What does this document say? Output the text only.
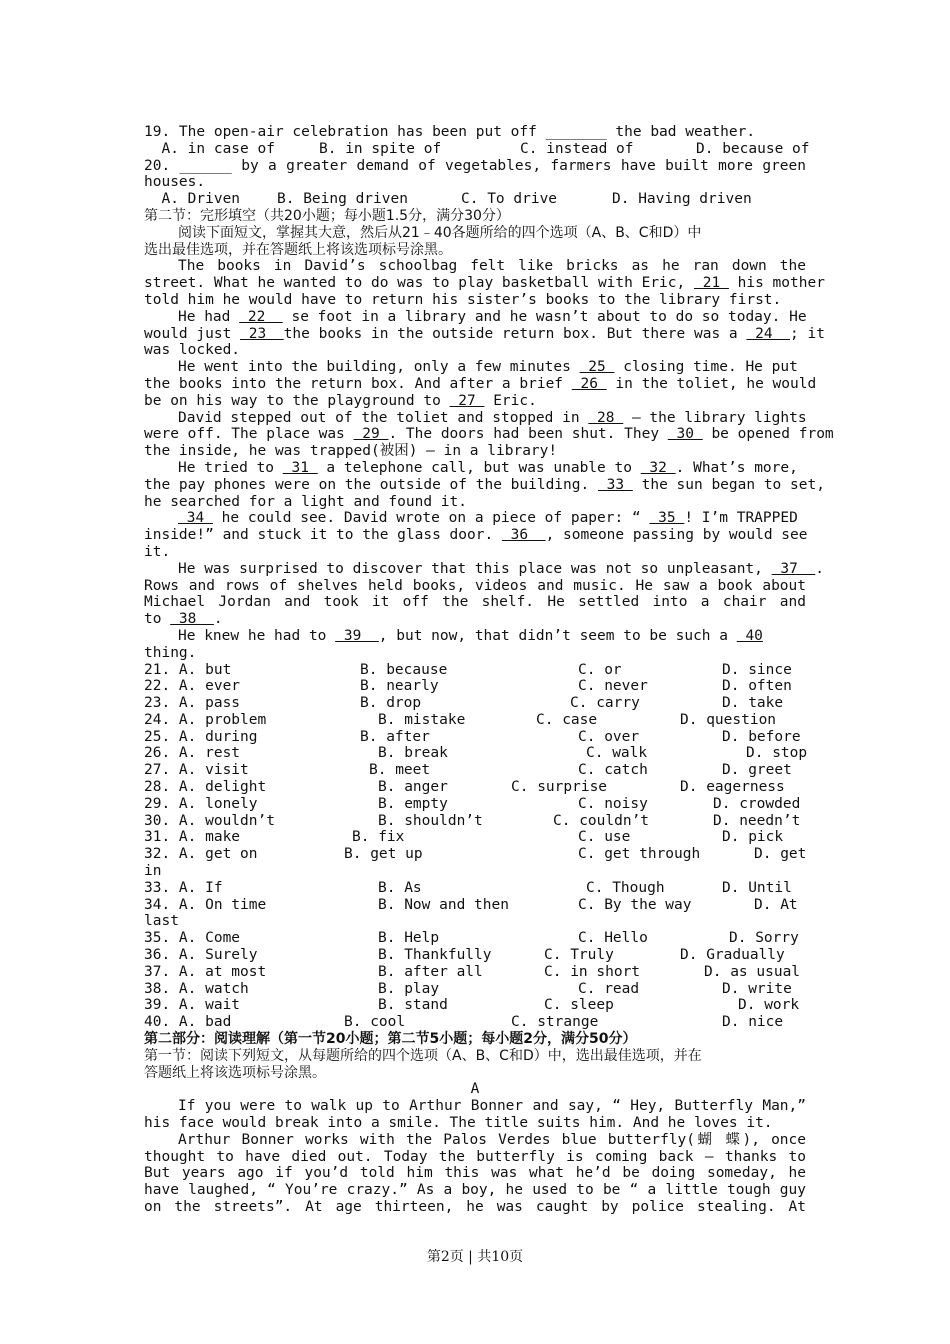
19. The open-air celebration has been put off _______ the bad weather.
A. in case of	B. in spite of	C. instead of	D. because of
20. ______ by a greater demand of vegetables, farmers have built more green
houses.
A. Driven	B. Being driven	C. To drive	D. Having driven
第二节：完形填空（共20小题；每小题1.5分，满分30分）
阅读下面短文，掌握其大意，然后从21﹣40各题所给的四个选项（A、B、C和D）中
选出最佳选项，并在答题纸上将该选项标号涂黑。
The books in David’s schoolbag felt like bricks as he ran down the
street. What he wanted to do was to play basketball with Eric,  21  his mother
told him he would have to return his sister’s books to the library first.
He had  22   se foot in a library and he wasn’t about to do so today. He
would just  23  the books in the outside return box. But there was a  24  ; it
was locked.
He went into the building, only a few minutes  25  closing time. He put
the books into the return box. And after a brief  26  in the toliet, he would
be on his way to the playground to  27  Eric.
David stepped out of the toliet and stopped in  28  — the library lights
were off. The place was  29 . The doors had been shut. They  30  be opened from
the inside, he was trapped(被困) — in a library!
He tried to  31  a telephone call, but was unable to  32 . What’s more,
the pay phones were on the outside of the building.  33  the sun began to set,
he searched for a light and found it.
34  he could see. David wrote on a piece of paper: “  35 ! I’m TRAPPED
inside!” and stuck it to the glass door.  36  , someone passing by would see
it.
He was surprised to discover that this place was not so unpleasant,  37  .
Rows and rows of shelves held books, videos and music. He saw a book about
Michael Jordan and took it off the shelf. He settled into a chair and
to  38  .
He knew he had to  39  , but now, that didn’t seem to be such a  40
thing.
21. A. but	B. because	C. or	D. since
22. A. ever	B. nearly	C. never	D. often
23. A. pass	B. drop	C. carry	D. take
24. A. problem	B. mistake	C. case	D. question
25. A. during	B. after	C. over	D. before
26. A. rest	B. break	C. walk	D. stop
27. A. visit	B. meet	C. catch	D. greet
28. A. delight	B. anger	C. surprise	D. eagerness
29. A. lonely	B. empty	C. noisy	D. crowded
30. A. wouldn’t	B. shouldn’t	C. couldn’t	D. needn’t
31. A. make	B. fix	C. use	D. pick
32. A. get on	B. get up	C. get through	D. get
in
33. A. If	B. As	C. Though	D. Until
34. A. On time	B. Now and then	C. By the way	D. At
last
35. A. Come	B. Help	C. Hello	D. Sorry
36. A. Surely	B. Thankfully	C. Truly	D. Gradually
37. A. at most	B. after all	C. in short	D. as usual
38. A. watch	B. play	C. read	D. write
39. A. wait	B. stand	C. sleep	D. work
40. A. bad	B. cool	C. strange	D. nice
第二部分：阅读理解（第一节20小题；第二节5小题；每小题2分，满分50分）
第一节：阅读下列短文，从每题所给的四个选项（A、B、C和D）中，选出最佳选项，并在
答题纸上将该选项标号涂黑。
A
If you were to walk up to Arthur Bonner and say, “ Hey, Butterfly Man,”
his face would break into a smile. The title suits him. And he loves it.
Arthur Bonner works with the Palos Verdes blue butterfly(蝴 蝶), once
thought to have died out. Today the butterfly is coming back — thanks to
But years ago if you’d told him this was what he’d be doing someday, he
have laughed, “ You’re crazy.” As a boy, he used to be “ a little tough guy
on the streets”. At age thirteen, he was caught by police stealing. At
第2页 | 共10页
